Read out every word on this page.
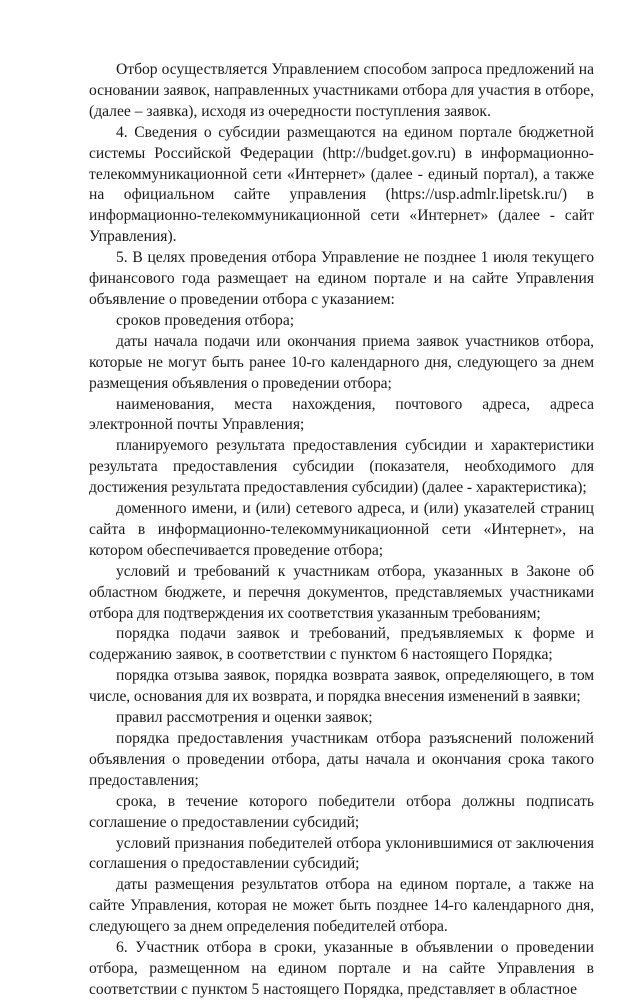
Отбор осуществляется Управлением способом запроса предложений на основании заявок, направленных участниками отбора для участия в отборе, (далее – заявка), исходя из очередности поступления заявок.

4. Сведения о субсидии размещаются на едином портале бюджетной системы Российской Федерации (http://budget.gov.ru) в информационно-телекоммуникационной сети «Интернет» (далее - единый портал), а также на официальном сайте управления (https://usp.admlr.lipetsk.ru/) в информационно-телекоммуникационной сети «Интернет» (далее - сайт Управления).

5. В целях проведения отбора Управление не позднее 1 июля текущего финансового года размещает на едином портале и на сайте Управления объявление о проведении отбора с указанием:

сроков проведения отбора;

даты начала подачи или окончания приема заявок участников отбора, которые не могут быть ранее 10-го календарного дня, следующего за днем размещения объявления о проведении отбора;

наименования, места нахождения, почтового адреса, адреса электронной почты Управления;

планируемого результата предоставления субсидии и характеристики результата предоставления субсидии (показателя, необходимого для достижения результата предоставления субсидии) (далее - характеристика);

доменного имени, и (или) сетевого адреса, и (или) указателей страниц сайта в информационно-телекоммуникационной сети «Интернет», на котором обеспечивается проведение отбора;

условий и требований к участникам отбора, указанных в Законе об областном бюджете, и перечня документов, представляемых участниками отбора для подтверждения их соответствия указанным требованиям;

порядка подачи заявок и требований, предъявляемых к форме и содержанию заявок, в соответствии с пунктом 6 настоящего Порядка;

порядка отзыва заявок, порядка возврата заявок, определяющего, в том числе, основания для их возврата, и порядка внесения изменений в заявки;

правил рассмотрения и оценки заявок;

порядка предоставления участникам отбора разъяснений положений объявления о проведении отбора, даты начала и окончания срока такого предоставления;

срока, в течение которого победители отбора должны подписать соглашение о предоставлении субсидий;

условий признания победителей отбора уклонившимися от заключения соглашения о предоставлении субсидий;

даты размещения результатов отбора на едином портале, а также на сайте Управления, которая не может быть позднее 14-го календарного дня, следующего за днем определения победителей отбора.

6. Участник отбора в сроки, указанные в объявлении о проведении отбора, размещенном на едином портале и на сайте Управления в соответствии с пунктом 5 настоящего Порядка, представляет в областное
